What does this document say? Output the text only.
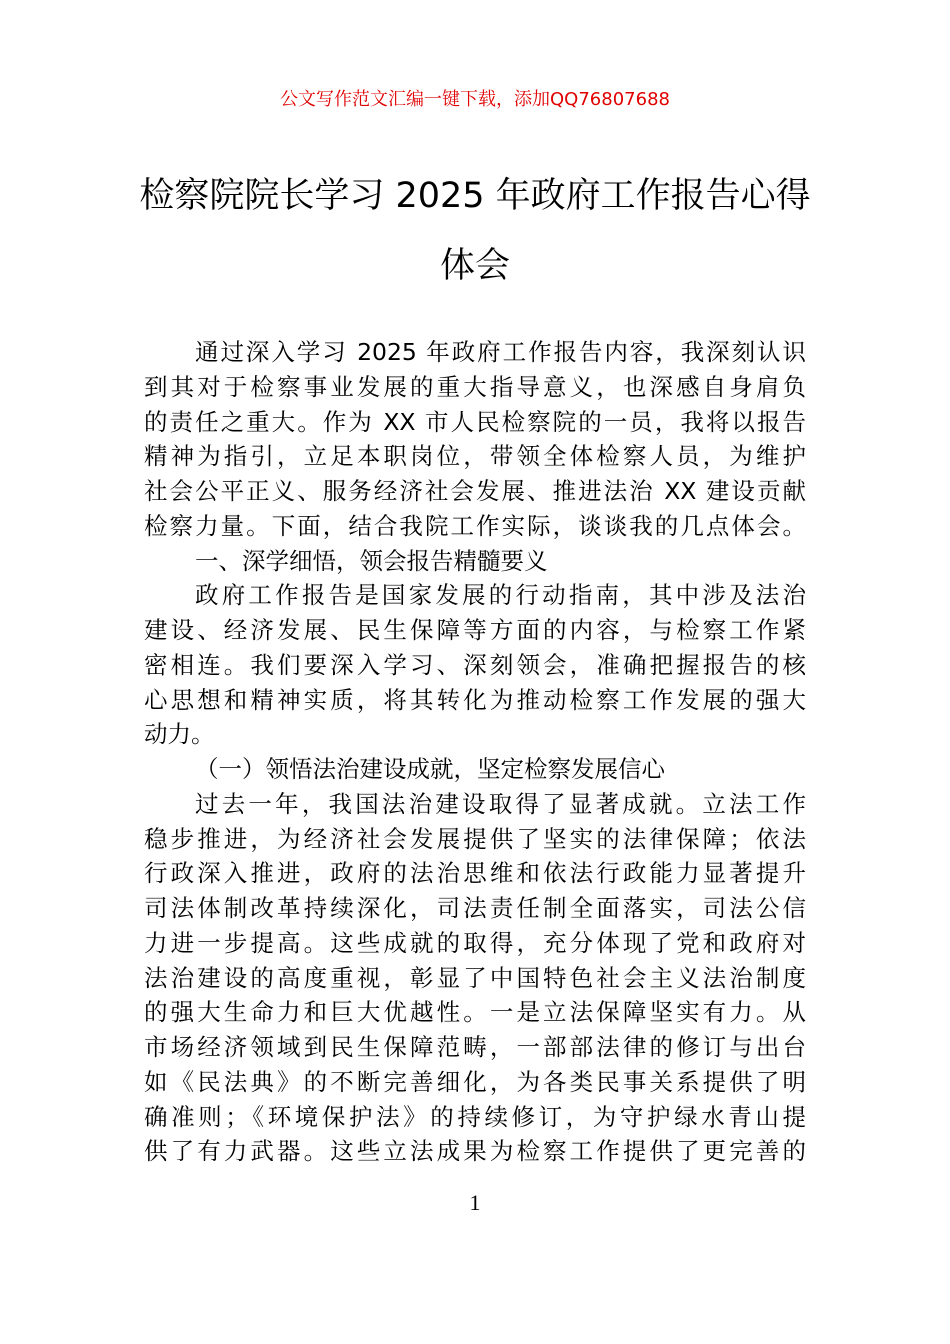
公文写作范文汇编一键下载，添加QQ76807688
检察院院长学习 2025 年政府工作报告心得
体会
通过深入学习 2025 年政府工作报告内容，我深刻认识
到其对于检察事业发展的重大指导意义，也深感自身肩负
的责任之重大。作为 XX 市人民检察院的一员，我将以报告
精神为指引，立足本职岗位，带领全体检察人员，为维护
社会公平正义、服务经济社会发展、推进法治 XX 建设贡献
检察力量。下面，结合我院工作实际，谈谈我的几点体会。
一、深学细悟，领会报告精髓要义
政府工作报告是国家发展的行动指南，其中涉及法治
建设、经济发展、民生保障等方面的内容，与检察工作紧
密相连。我们要深入学习、深刻领会，准确把握报告的核
心思想和精神实质，将其转化为推动检察工作发展的强大
动力。
（一）领悟法治建设成就，坚定检察发展信心
过去一年，我国法治建设取得了显著成就。立法工作
稳步推进，为经济社会发展提供了坚实的法律保障；依法
行政深入推进，政府的法治思维和依法行政能力显著提升
司法体制改革持续深化，司法责任制全面落实，司法公信
力进一步提高。这些成就的取得，充分体现了党和政府对
法治建设的高度重视，彰显了中国特色社会主义法治制度
的强大生命力和巨大优越性。一是立法保障坚实有力。从
市场经济领域到民生保障范畴，一部部法律的修订与出台
如《民法典》的不断完善细化，为各类民事关系提供了明
确准则；《环境保护法》的持续修订，为守护绿水青山提
供了有力武器。这些立法成果为检察工作提供了更完善的
1
